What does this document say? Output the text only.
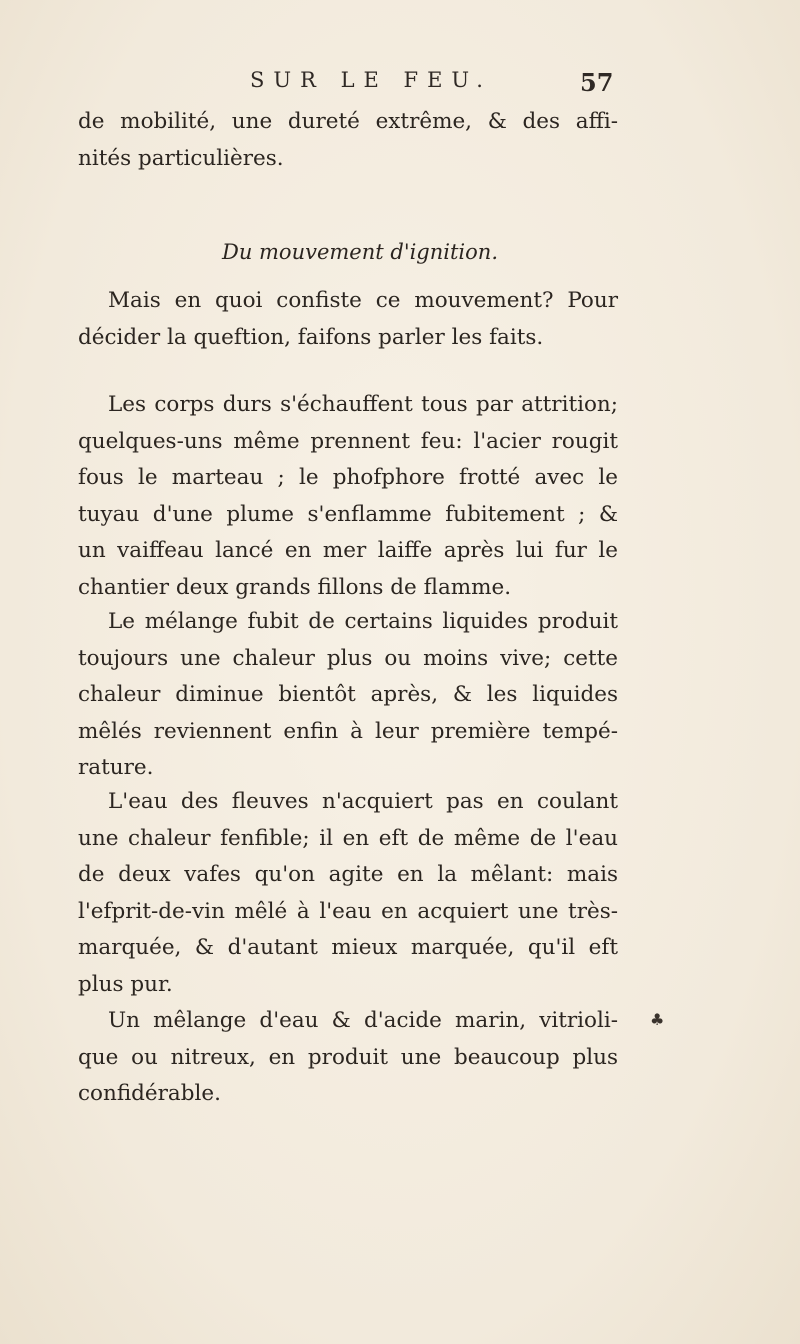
SUR LE FEU.	57
de mobilité, une dureté extrême, & des affi-
nités particulières.
Du mouvement d'ignition.
Mais en quoi confiste ce mouvement? Pour
décider la queftion, faifons parler les faits.
Les corps durs s'échauffent tous par attrition;
quelques-uns même prennent feu: l'acier rougit
fous le marteau ; le phofphore frotté avec le
tuyau d'une plume s'enflamme fubitement ; &
un vaiffeau lancé en mer laiffe après lui fur le
chantier deux grands fillons de flamme.
Le mélange fubit de certains liquides produit
toujours une chaleur plus ou moins vive; cette
chaleur diminue bientôt après, & les liquides
mêlés reviennent enfin à leur première tempé-
rature.
L'eau des fleuves n'acquiert pas en coulant
une chaleur fenfible; il en eft de même de l'eau
de deux vafes qu'on agite en la mêlant: mais
l'efprit-de-vin mêlé à l'eau en acquiert une très-
marquée, & d'autant mieux marquée, qu'il eft
plus pur.
Un mêlange d'eau & d'acide marin, vitrioli-
que ou nitreux, en produit une beaucoup plus
confidérable.
♣
